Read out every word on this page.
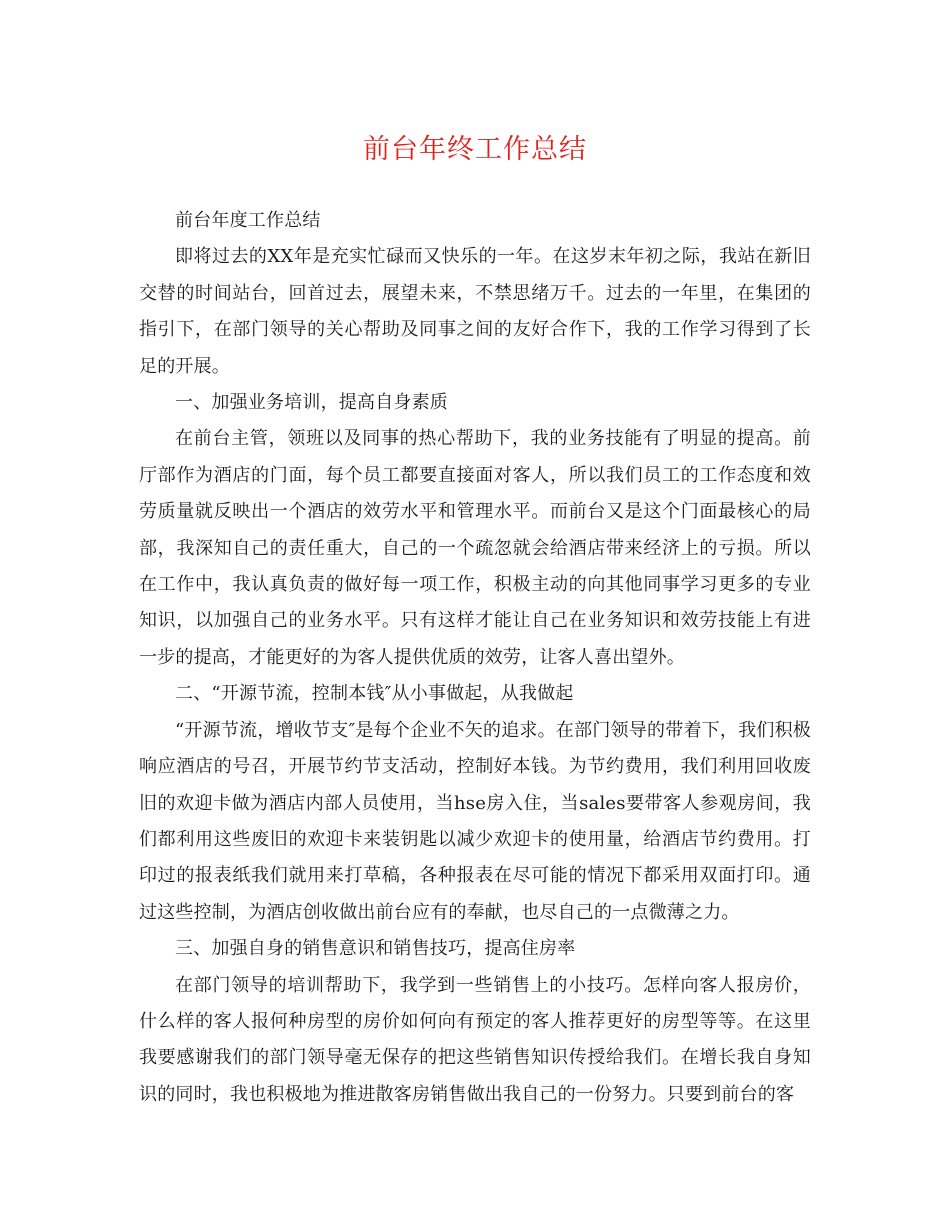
前台年终工作总结

前台年度工作总结

即将过去的XX年是充实忙碌而又快乐的一年。在这岁末年初之际，我站在新旧交替的时间站台，回首过去，展望未来，不禁思绪万千。过去的一年里，在集团的指引下，在部门领导的关心帮助及同事之间的友好合作下，我的工作学习得到了长足的开展。

一、加强业务培训，提高自身素质

在前台主管，领班以及同事的热心帮助下，我的业务技能有了明显的提高。前厅部作为酒店的门面，每个员工都要直接面对客人，所以我们员工的工作态度和效劳质量就反映出一个酒店的效劳水平和管理水平。而前台又是这个门面最核心的局部，我深知自己的责任重大，自己的一个疏忽就会给酒店带来经济上的亏损。所以在工作中，我认真负责的做好每一项工作，积极主动的向其他同事学习更多的专业知识，以加强自己的业务水平。只有这样才能让自己在业务知识和效劳技能上有进一步的提高，才能更好的为客人提供优质的效劳，让客人喜出望外。

二、“开源节流，控制本钱″从小事做起，从我做起

“开源节流，增收节支″是每个企业不矢的追求。在部门领导的带着下，我们积极响应酒店的号召，开展节约节支活动，控制好本钱。为节约费用，我们利用回收废旧的欢迎卡做为酒店内部人员使用，当hse房入住，当sales要带客人参观房间，我们都利用这些废旧的欢迎卡来装钥匙以减少欢迎卡的使用量，给酒店节约费用。打印过的报表纸我们就用来打草稿，各种报表在尽可能的情况下都采用双面打印。通过这些控制，为酒店创收做出前台应有的奉献，也尽自己的一点微薄之力。

三、加强自身的销售意识和销售技巧，提高住房率

在部门领导的培训帮助下，我学到一些销售上的小技巧。怎样向客人报房价，什么样的客人报何种房型的房价如何向有预定的客人推荐更好的房型等等。在这里我要感谢我们的部门领导毫无保存的把这些销售知识传授给我们。在增长我自身知识的同时，我也积极地为推进散客房销售做出我自己的一份努力。只要到前台的客
